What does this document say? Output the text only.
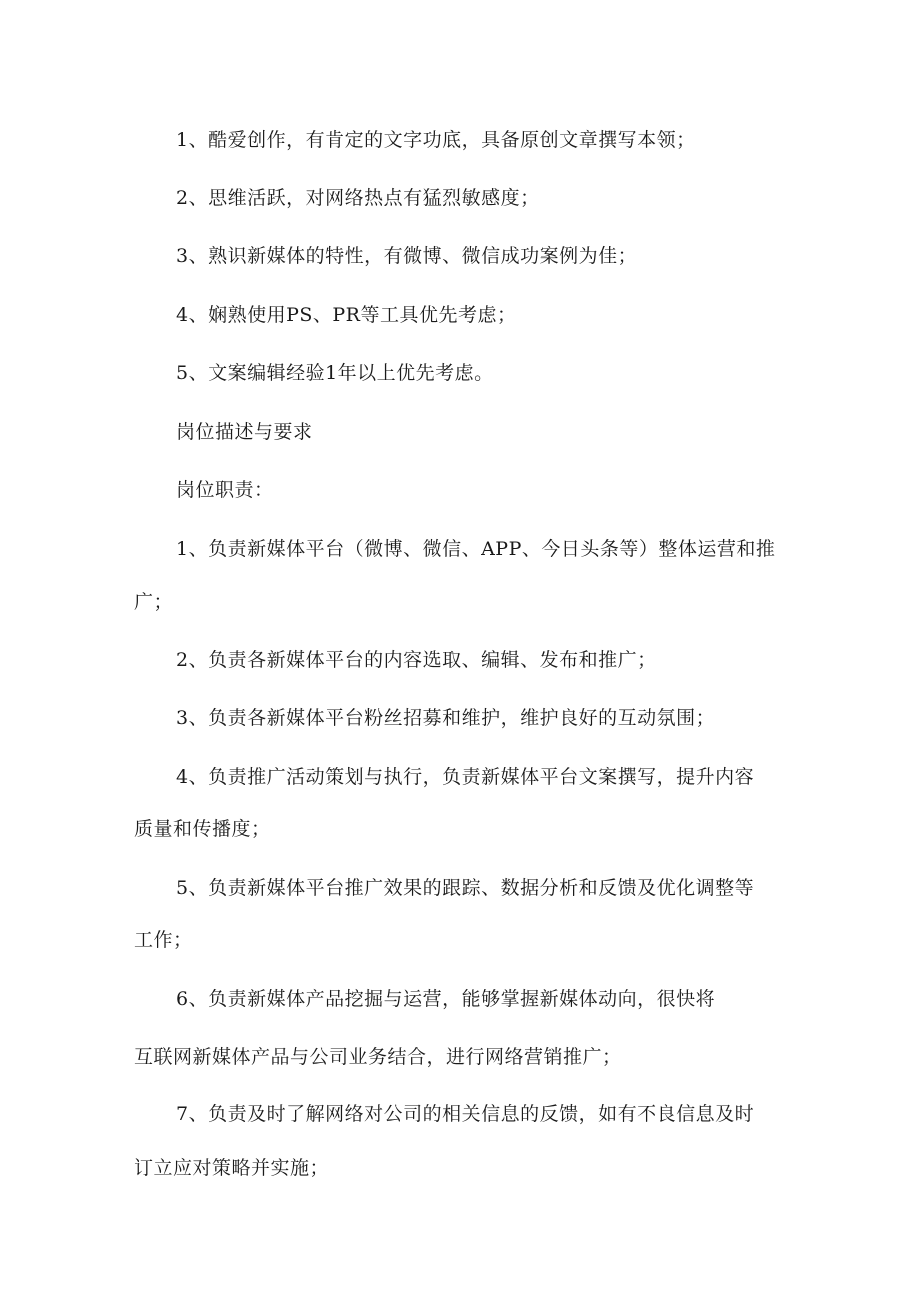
1、酷爱创作，有肯定的文字功底，具备原创文章撰写本领；
2、思维活跃，对网络热点有猛烈敏感度；
3、熟识新媒体的特性，有微博、微信成功案例为佳；
4、娴熟使用PS、PR等工具优先考虑；
5、文案编辑经验1年以上优先考虑。
岗位描述与要求
岗位职责：
1、负责新媒体平台（微博、微信、APP、今日头条等）整体运营和推
广；
2、负责各新媒体平台的内容选取、编辑、发布和推广；
3、负责各新媒体平台粉丝招募和维护，维护良好的互动氛围；
4、负责推广活动策划与执行，负责新媒体平台文案撰写，提升内容
质量和传播度；
5、负责新媒体平台推广效果的跟踪、数据分析和反馈及优化调整等
工作；
6、负责新媒体产品挖掘与运营，能够掌握新媒体动向，很快将
互联网新媒体产品与公司业务结合，进行网络营销推广；
7、负责及时了解网络对公司的相关信息的反馈，如有不良信息及时
订立应对策略并实施；
